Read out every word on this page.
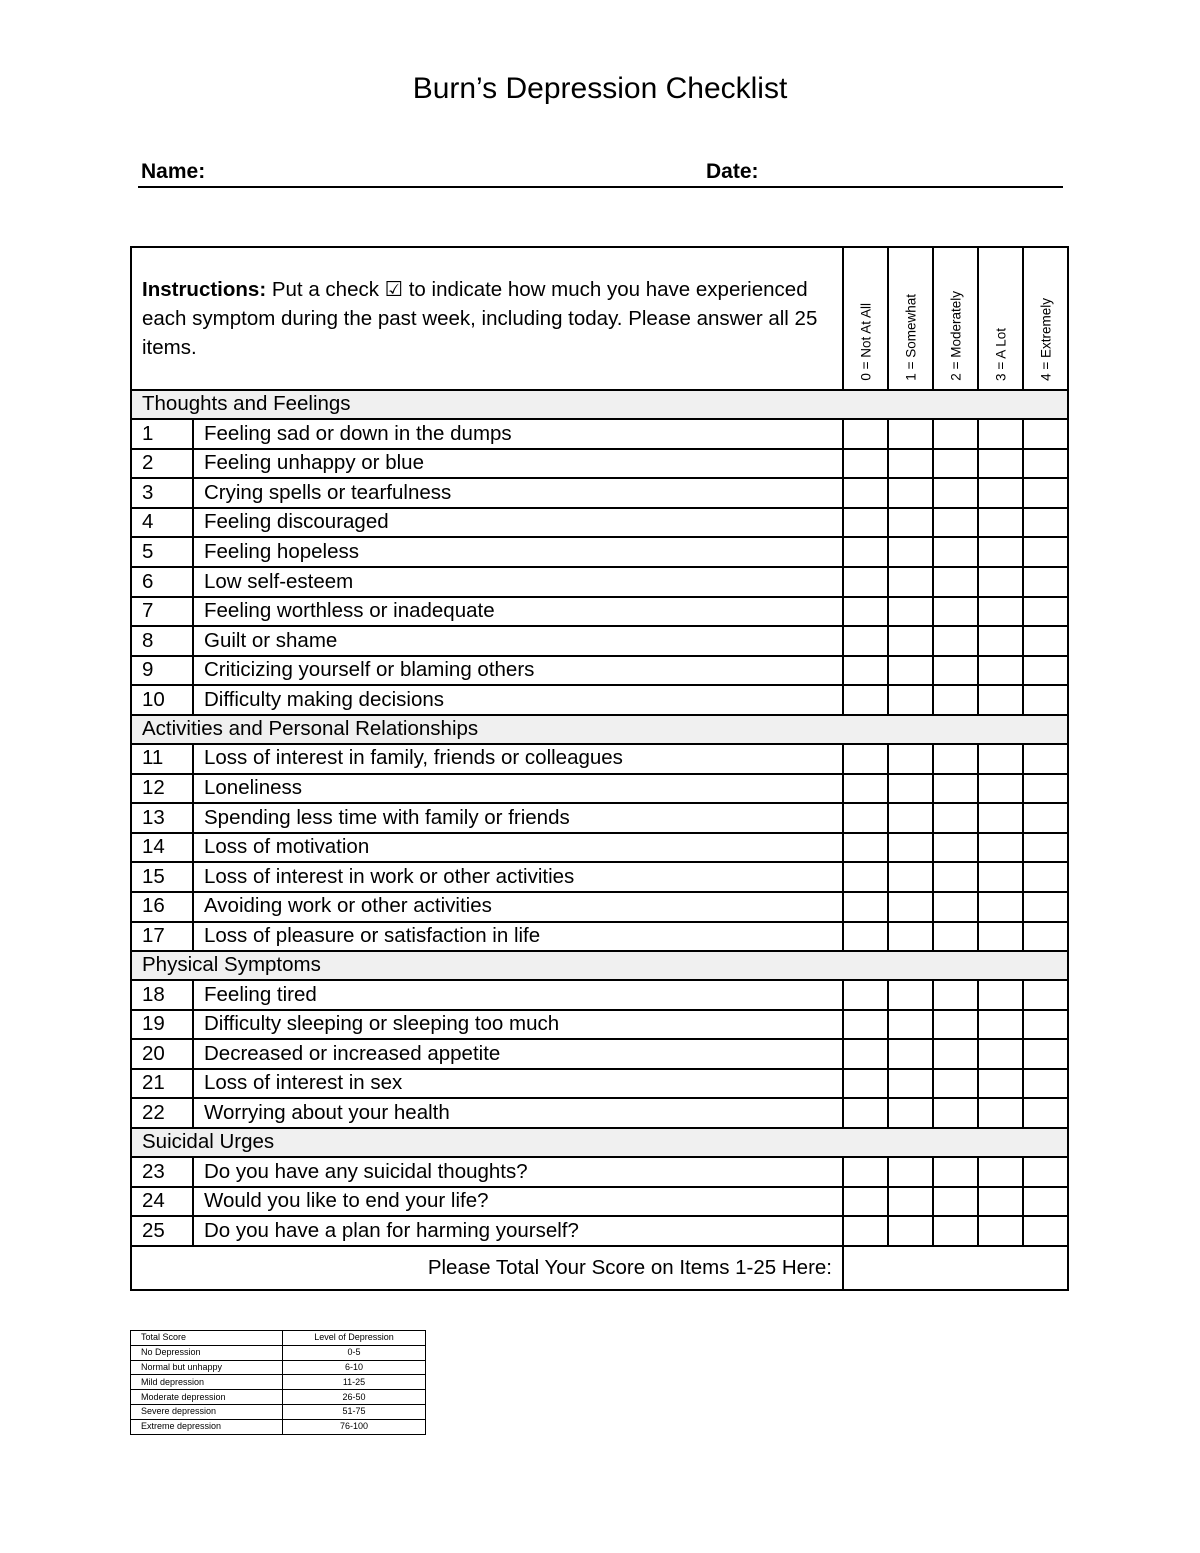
Burn’s Depression Checklist
Name:	Date:
Instructions: Put a check ☑ to indicate how much you have experienced each symptom during the past week, including today. Please answer all 25 items.		0 = Not At All	1 = Somewhat	2 = Moderately	3 = A Lot	4 = Extremely

Thoughts and Feelings						
1	Feeling sad or down in the dumps					
2	Feeling unhappy or blue					
3	Crying spells or tearfulness					
4	Feeling discouraged					
5	Feeling hopeless					
6	Low self-esteem					
7	Feeling worthless or inadequate					
8	Guilt or shame					
9	Criticizing yourself or blaming others					
10	Difficulty making decisions					
Activities and Personal Relationships						
11	Loss of interest in family, friends or colleagues					
12	Loneliness					
13	Spending less time with family or friends					
14	Loss of motivation					
15	Loss of interest in work or other activities					
16	Avoiding work or other activities					
17	Loss of pleasure or satisfaction in life					
Physical Symptoms						
18	Feeling tired					
19	Difficulty sleeping or sleeping too much					
20	Decreased or increased appetite					
21	Loss of interest in sex					
22	Worrying about your health					
Suicidal Urges						
23	Do you have any suicidal thoughts?					
24	Would you like to end your life?					
25	Do you have a plan for harming yourself?					
Please Total Your Score on Items 1-25 Here:						
Total Score	Level of Depression
No Depression	0-5
Normal but unhappy	6-10
Mild depression	11-25
Moderate depression	26-50
Severe depression	51-75
Extreme depression	76-100
